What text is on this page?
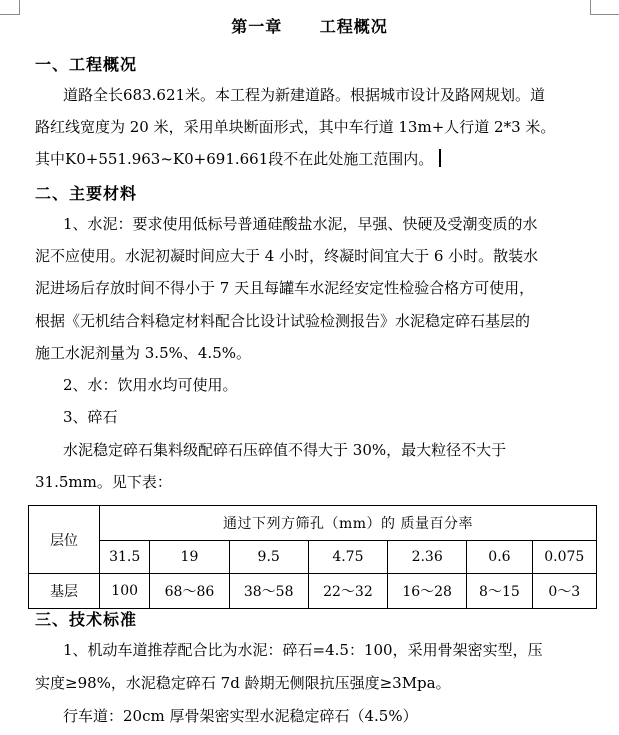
第一章　 工程概况
一、工程概况
道路全长683.621米。本工程为新建道路。根据城市设计及路网规划。道
路红线宽度为 20 米，采用单块断面形式，其中车行道 13m+人行道 2*3 米。
其中K0+551.963~K0+691.661段不在此处施工范围内。
二、主要材料
1、水泥：要求使用低标号普通硅酸盐水泥，早强、快硬及受潮变质的水
泥不应使用。水泥初凝时间应大于 4 小时，终凝时间宜大于 6 小时。散装水
泥进场后存放时间不得小于 7 天且每罐车水泥经安定性检验合格方可使用，
根据《无机结合料稳定材料配合比设计试验检测报告》水泥稳定碎石基层的
施工水泥剂量为 3.5%、4.5%。
2、水：饮用水均可使用。
3、碎石
水泥稳定碎石集料级配碎石压碎值不得大于 30%，最大粒径不大于
31.5mm。见下表：
层位	通过下列方筛孔（mm）的 质量百分率						
	31.5	19	9.5	4.75	2.36	0.6	0.075
基层	100	68～86	38～58	22～32	16～28	8～15	0～3
三、技术标准
1、机动车道推荐配合比为水泥：碎石=4.5：100，采用骨架密实型，压
实度≥98%，水泥稳定碎石 7d 龄期无侧限抗压强度≥3Mpa。
行车道：20cm 厚骨架密实型水泥稳定碎石（4.5%）
